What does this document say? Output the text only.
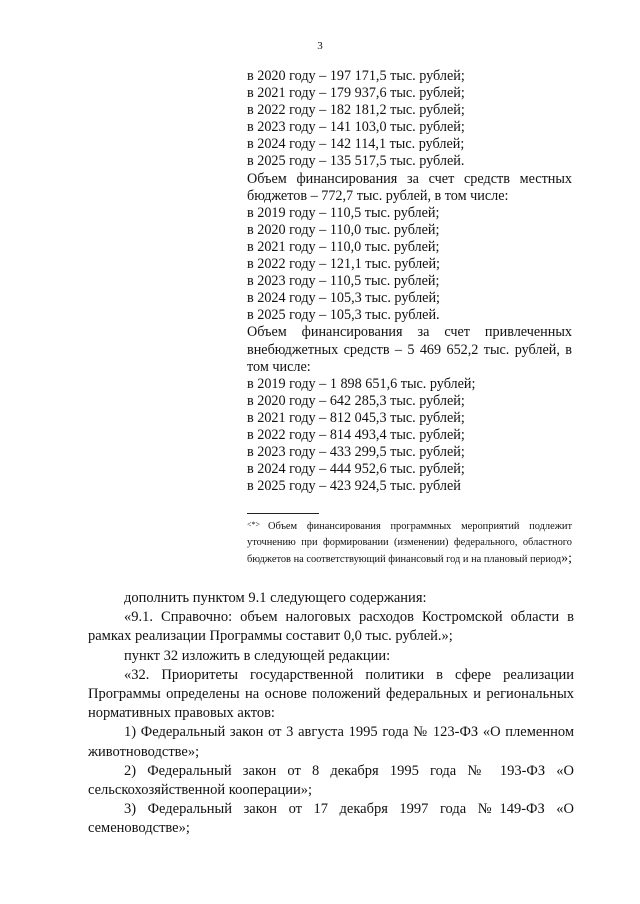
3
в 2020 году – 197 171,5 тыс. рублей;
в 2021 году – 179 937,6 тыс. рублей;
в 2022 году – 182 181,2 тыс. рублей;
в 2023 году – 141 103,0 тыс. рублей;
в 2024 году – 142 114,1 тыс. рублей;
в 2025 году – 135 517,5 тыс. рублей.
Объем финансирования за счет средств местных бюджетов – 772,7 тыс. рублей, в том числе:
в 2019 году – 110,5 тыс. рублей;
в 2020 году – 110,0 тыс. рублей;
в 2021 году – 110,0 тыс. рублей;
в 2022 году – 121,1 тыс. рублей;
в 2023 году – 110,5 тыс. рублей;
в 2024 году – 105,3 тыс. рублей;
в 2025 году – 105,3 тыс. рублей.
Объем финансирования за счет привлеченных внебюджетных средств – 5 469 652,2 тыс. рублей, в том числе:
в 2019 году – 1 898 651,6 тыс. рублей;
в 2020 году – 642 285,3 тыс. рублей;
в 2021 году – 812 045,3 тыс. рублей;
в 2022 году – 814 493,4 тыс. рублей;
в 2023 году – 433 299,5 тыс. рублей;
в 2024 году – 444 952,6 тыс. рублей;
в 2025 году – 423 924,5 тыс. рублей
<*> Объем финансирования программных мероприятий подлежит уточнению при формировании (изменении) федерального, областного бюджетов на соответствующий финансовый год и на плановый период»;

дополнить пунктом 9.1 следующего содержания:

«9.1. Справочно: объем налоговых расходов Костромской области в рамках реализации Программы составит 0,0 тыс. рублей.»;

пункт 32 изложить в следующей редакции:

«32. Приоритеты государственной политики в сфере реализации Программы определены на основе положений федеральных и региональных нормативных правовых актов:

1) Федеральный закон от 3 августа 1995 года № 123-ФЗ «О племенном животноводстве»;

2) Федеральный закон от 8 декабря 1995 года № 193-ФЗ «О сельскохозяйственной кооперации»;

3) Федеральный закон от 17 декабря 1997 года №149-ФЗ «О семеноводстве»;
